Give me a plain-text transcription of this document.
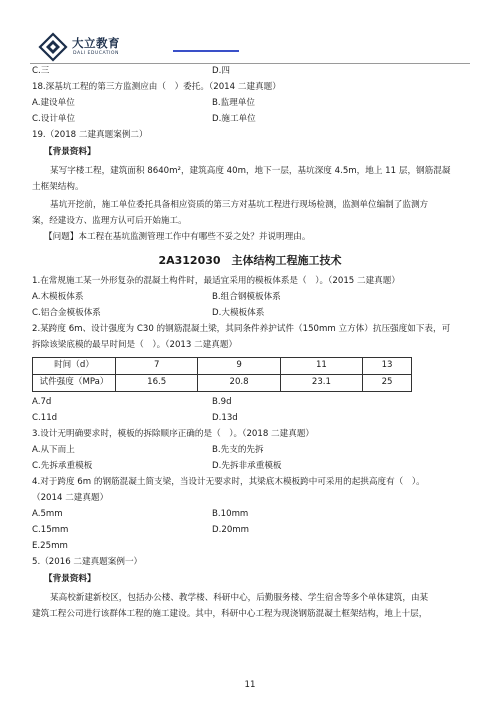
大立教育
DALI EDUCATION
C.三	D.四
18.深基坑工程的第三方监测应由（　）委托。（2014 二建真题）
A.建设单位	B.监理单位
C.设计单位	D.施工单位
19.（2018 二建真题案例二）
【背景资料】

某写字楼工程，建筑面积 8640m²，建筑高度 40m，地下一层，基坑深度 4.5m，地上 11 层，钢筋混凝

土框架结构。

基坑开挖前，施工单位委托具备相应资质的第三方对基坑工程进行现场检测，监测单位编制了监测方

案，经建设方、监理方认可后开始施工。

【问题】本工程在基坑监测管理工作中有哪些不妥之处？并说明理由。
2A312030　主体结构工程施工技术
1.在常规施工某一外形复杂的混凝土构件时，最适宜采用的模板体系是（　）。（2015 二建真题）
A.木模板体系	B.组合钢模板体系
C.铝合金模板体系	D.大模板体系
2.某跨度 6m、设计强度为 C30 的钢筋混凝土梁，其同条件养护试件（150mm 立方体）抗压强度如下表，可
拆除该梁底模的最早时间是（　）。（2013 二建真题）
时间（d）	7	9	11	13
试件强度（MPa）	16.5	20.8	23.1	25
A.7d	B.9d
C.11d	D.13d
3.设计无明确要求时，模板的拆除顺序正确的是（　）。（2018 二建真题）
A.从下而上	B.先支的先拆
C.先拆承重模板	D.先拆非承重模板
4.对于跨度 6m 的钢筋混凝土简支梁，当设计无要求时，其梁底木模板跨中可采用的起拱高度有（　）。
（2014 二建真题）
A.5mm	B.10mm
C.15mm	D.20mm
E.25mm
5.（2016 二建真题案例一）
【背景资料】

某高校新建新校区，包括办公楼、教学楼、科研中心，后勤服务楼、学生宿舍等多个单体建筑，由某

建筑工程公司进行该群体工程的施工建设。其中，科研中心工程为现浇钢筋混凝土框架结构，地上十层，

11
